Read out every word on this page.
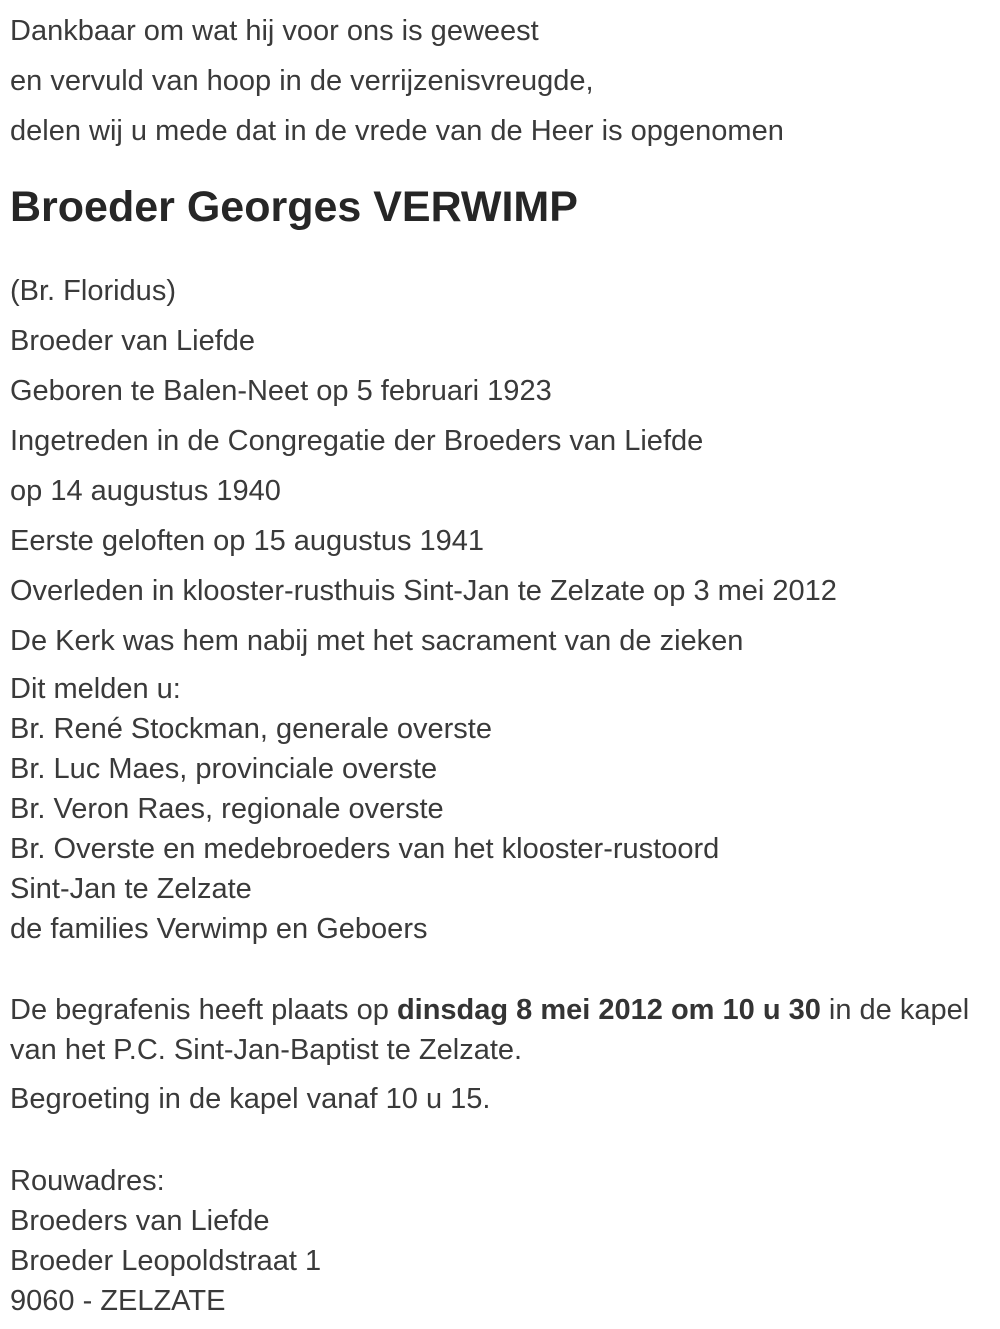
Dankbaar om wat hij voor ons is geweest
en vervuld van hoop in de verrijzenisvreugde,
delen wij u mede dat in de vrede van de Heer is opgenomen
Broeder Georges VERWIMP
(Br. Floridus)
Broeder van Liefde
Geboren te Balen-Neet op 5 februari 1923
Ingetreden in de Congregatie der Broeders van Liefde
op 14 augustus 1940
Eerste geloften op 15 augustus 1941
Overleden in klooster-rusthuis Sint-Jan te Zelzate op 3 mei 2012
De Kerk was hem nabij met het sacrament van de zieken
Dit melden u:
Br. René Stockman, generale overste
Br. Luc Maes, provinciale overste
Br. Veron Raes, regionale overste
Br. Overste en medebroeders van het klooster-rustoord
Sint-Jan te Zelzate
de families Verwimp en Geboers

De begrafenis heeft plaats op dinsdag 8 mei 2012 om 10 u 30 in de kapel van het P.C. Sint-Jan-Baptist te Zelzate.

Begroeting in de kapel vanaf 10 u 15.

Rouwadres:
Broeders van Liefde
Broeder Leopoldstraat 1
9060 - ZELZATE
